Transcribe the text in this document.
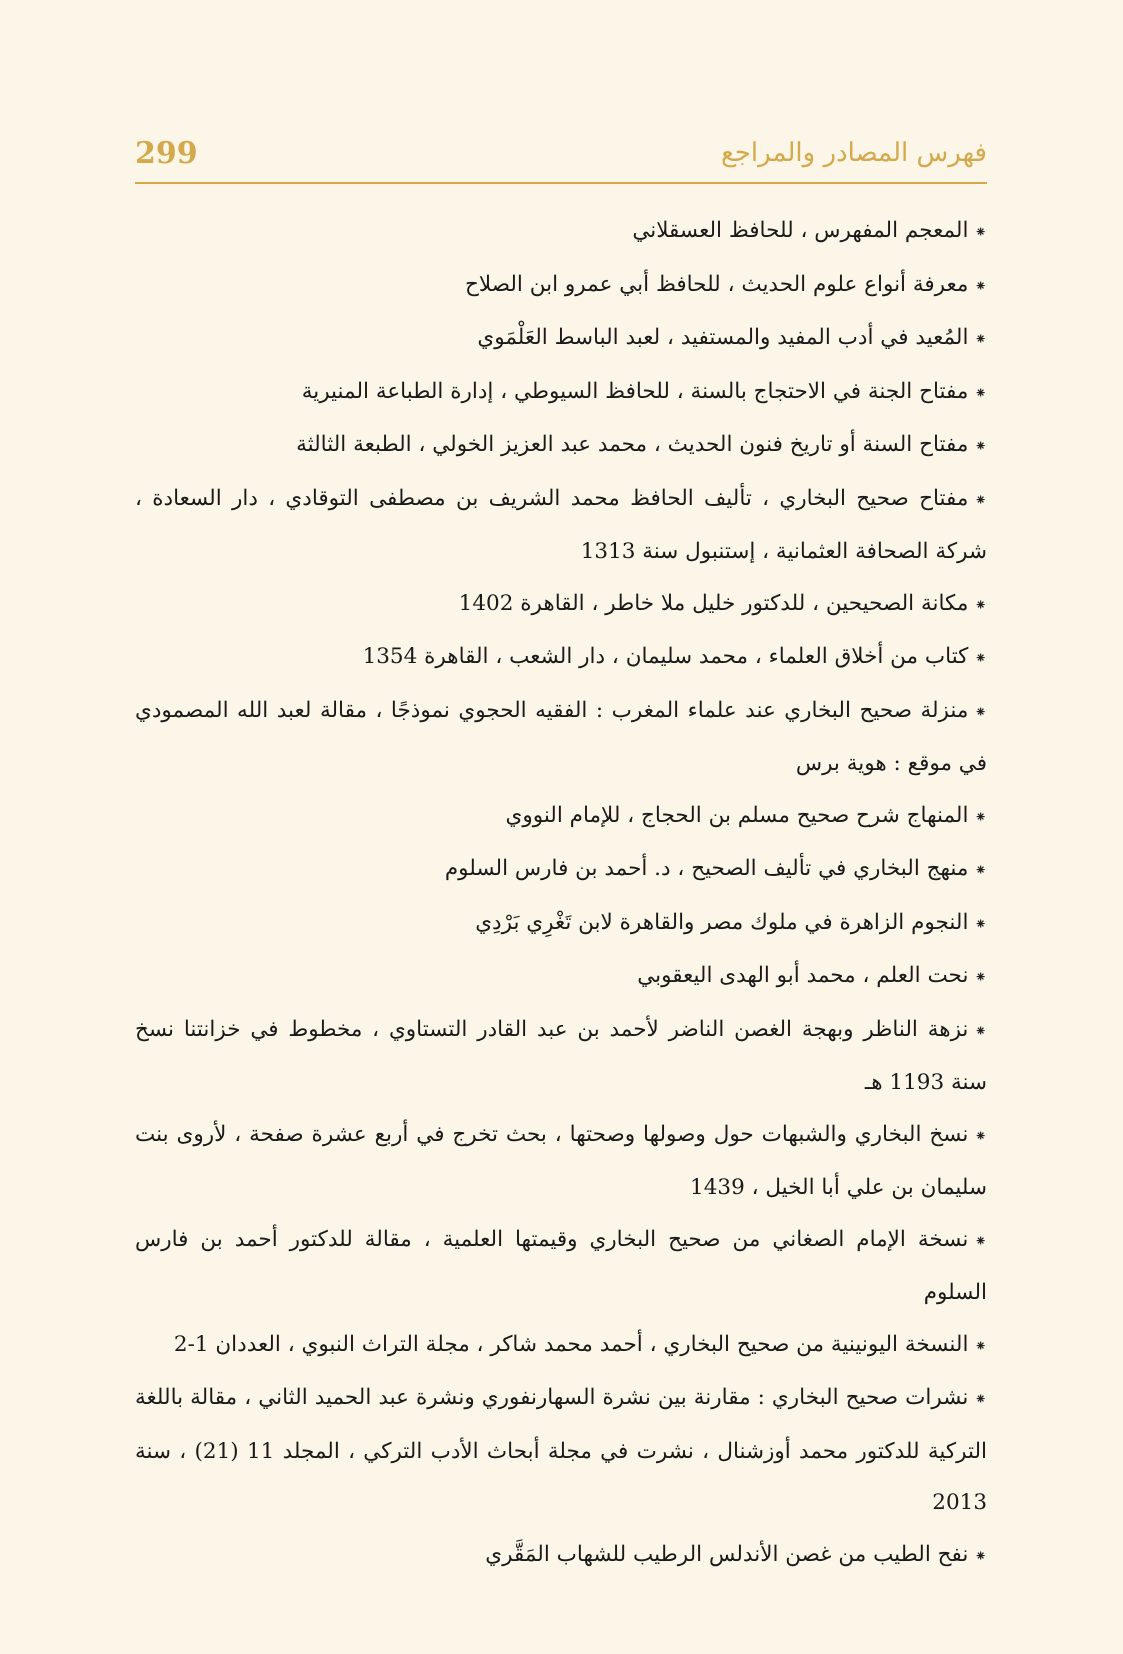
299	فهرس المصادر والمراجع

⁕المعجم المفهرس ، للحافظ العسقلاني

⁕معرفة أنواع علوم الحديث ، للحافظ أبي عمرو ابن الصلاح

⁕المُعيد في أدب المفيد والمستفيد ، لعبد الباسط العَلْمَوي

⁕مفتاح الجنة في الاحتجاج بالسنة ، للحافظ السيوطي ، إدارة الطباعة المنيرية

⁕مفتاح السنة أو تاريخ فنون الحديث ، محمد عبد العزيز الخولي ، الطبعة الثالثة

⁕مفتاح صحيح البخاري ، تأليف الحافظ محمد الشريف بن مصطفى التوقادي ، دار السعادة ، شركة الصحافة العثمانية ، إستنبول سنة 1313

⁕مكانة الصحيحين ، للدكتور خليل ملا خاطر ، القاهرة 1402

⁕كتاب من أخلاق العلماء ، محمد سليمان ، دار الشعب ، القاهرة 1354

⁕منزلة صحيح البخاري عند علماء المغرب : الفقيه الحجوي نموذجًا ، مقالة لعبد الله المصمودي في موقع : هوية برس

⁕المنهاج شرح صحيح مسلم بن الحجاج ، للإمام النووي

⁕منهج البخاري في تأليف الصحيح ، د. أحمد بن فارس السلوم

⁕النجوم الزاهرة في ملوك مصر والقاهرة لابن تَغْرِي بَرْدِي

⁕نحت العلم ، محمد أبو الهدى اليعقوبي

⁕نزهة الناظر وبهجة الغصن الناضر لأحمد بن عبد القادر التستاوي ، مخطوط في خزانتنا نسخ سنة 1193 هـ

⁕نسخ البخاري والشبهات حول وصولها وصحتها ، بحث تخرج في أربع عشرة صفحة ، لأروى بنت سليمان بن علي أبا الخيل ، 1439

⁕نسخة الإمام الصغاني من صحيح البخاري وقيمتها العلمية ، مقالة للدكتور أحمد بن فارس السلوم

⁕النسخة اليونينية من صحيح البخاري ، أحمد محمد شاكر ، مجلة التراث النبوي ، العددان 1-2

⁕نشرات صحيح البخاري : مقارنة بين نشرة السهارنفوري ونشرة عبد الحميد الثاني ، مقالة باللغة التركية للدكتور محمد أوزشنال ، نشرت في مجلة أبحاث الأدب التركي ، المجلد 11 (21) ، سنة 2013

⁕نفح الطيب من غصن الأندلس الرطيب للشهاب المَقَّري
